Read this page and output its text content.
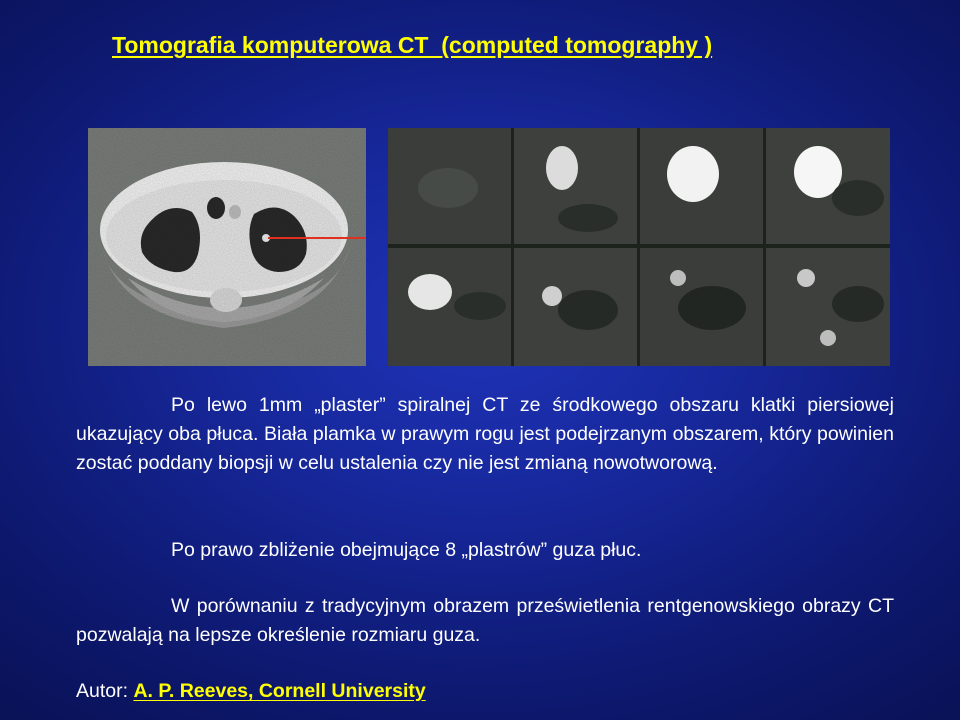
Tomografia komputerowa CT  (computed tomography )

Po lewo 1mm „plaster” spiralnej CT ze środkowego obszaru klatki piersiowej ukazujący oba płuca. Biała plamka w prawym rogu jest podejrzanym obszarem, który powinien zostać poddany biopsji w celu ustalenia czy nie jest zmianą nowotworową.

Po prawo zbliżenie obejmujące 8 „plastrów” guza płuc.

W porównaniu z tradycyjnym obrazem prześwietlenia rentgenowskiego obrazy CT pozwalają na lepsze określenie rozmiaru guza.

Autor: A. P. Reeves, Cornell University
